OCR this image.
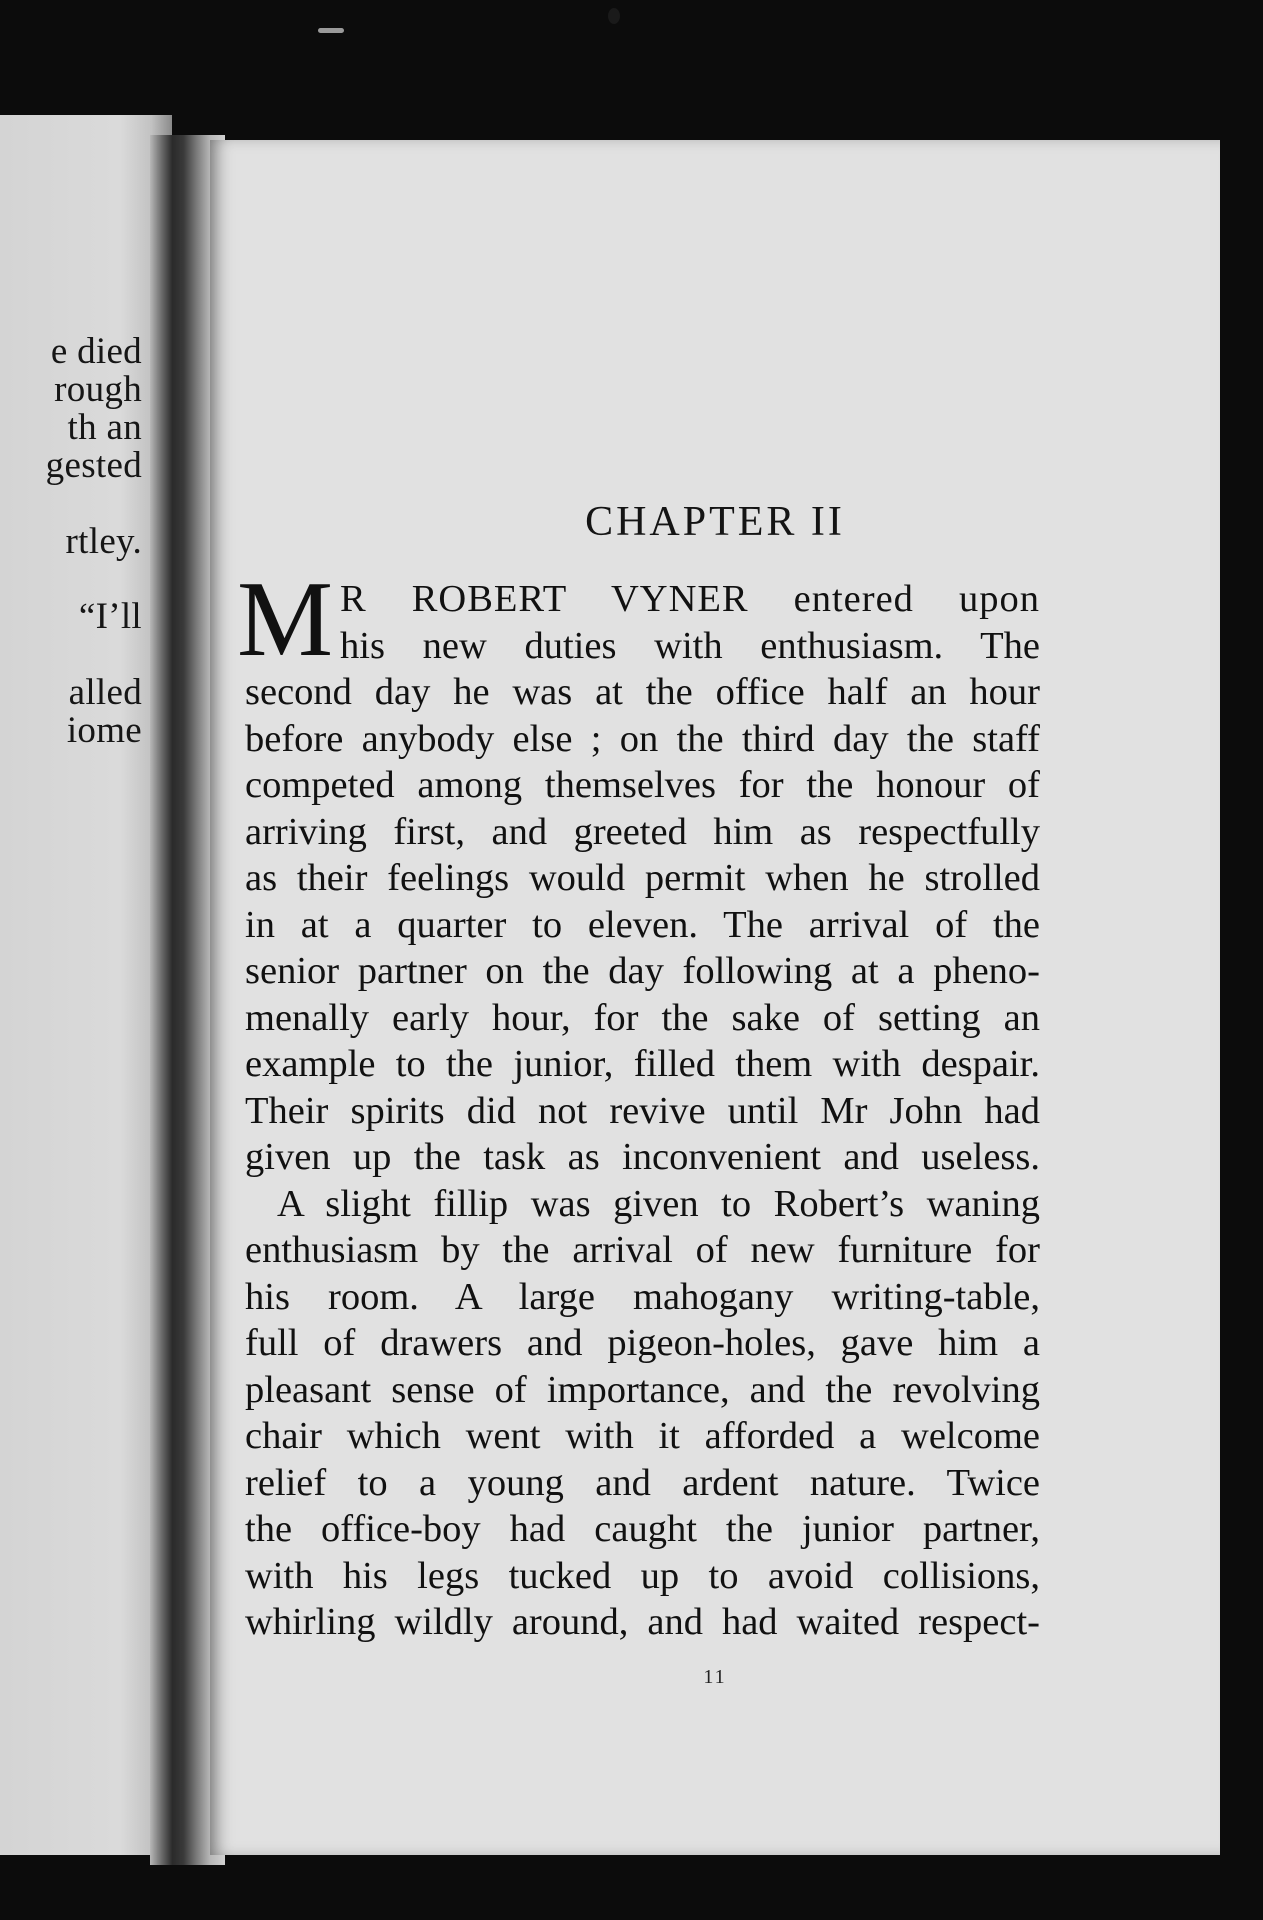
e died

rough

th an

gested

rtley.

“I’ll

alled

iome

CHAPTER II
M R ROBERT VYNER entered upon

his new duties with enthusiasm. The

second day he was at the office half an hour

before anybody else ; on the third day the staff

competed among themselves for the honour of

arriving first, and greeted him as respectfully

as their feelings would permit when he strolled

in at a quarter to eleven. The arrival of the

senior partner on the day following at a pheno-

menally early hour, for the sake of setting an

example to the junior, filled them with despair.

Their spirits did not revive until Mr John had

given up the task as inconvenient and useless.

A slight fillip was given to Robert’s waning

enthusiasm by the arrival of new furniture for

his room. A large mahogany writing-table,

full of drawers and pigeon-holes, gave him a

pleasant sense of importance, and the revolving

chair which went with it afforded a welcome

relief to a young and ardent nature. Twice

the office-boy had caught the junior partner,

with his legs tucked up to avoid collisions,

whirling wildly around, and had waited respect-

11
